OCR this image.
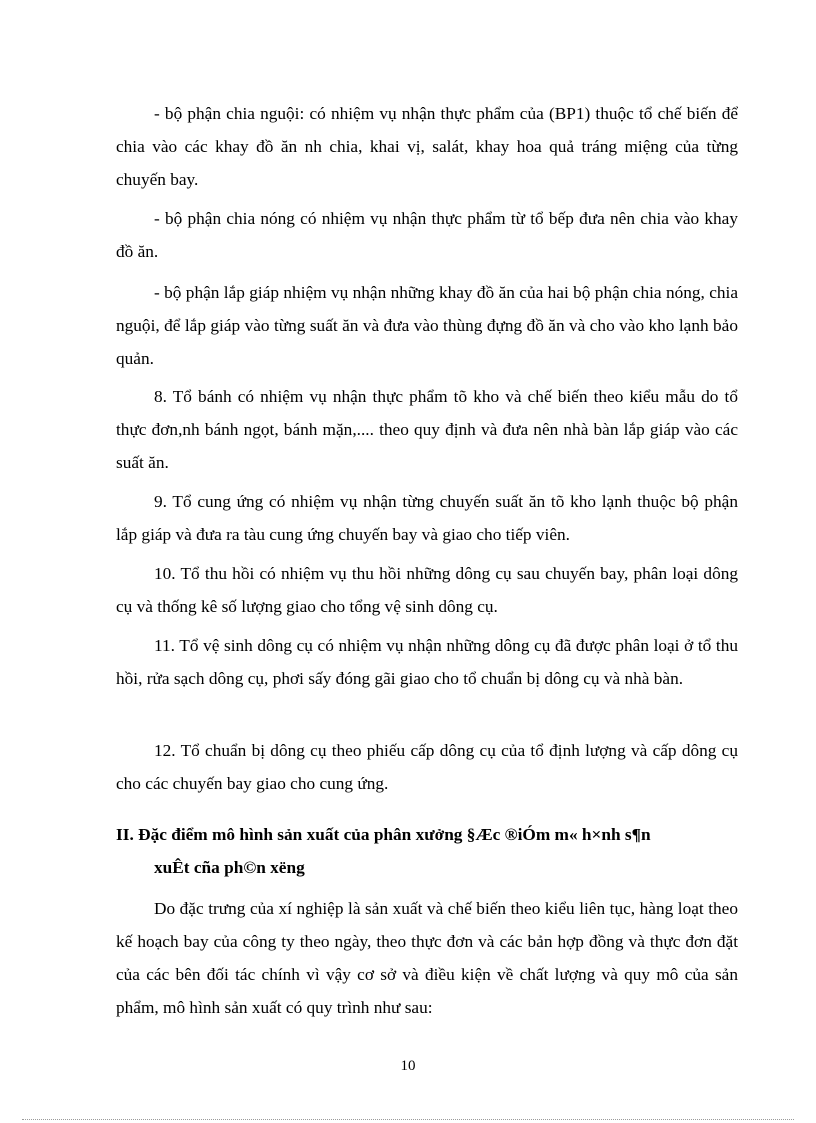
- bộ phận chia nguội: có nhiệm vụ nhận thực phẩm của (BP1) thuộc tổ chế biến để chia vào các khay đồ ăn nh chia, khai vị, salát, khay hoa quả tráng miệng của từng chuyến bay.

- bộ phận chia nóng có nhiệm vụ nhận thực phẩm từ tổ bếp đưa nên chia vào khay đồ ăn.

- bộ phận lắp giáp nhiệm vụ nhận những khay đồ ăn của hai bộ phận chia nóng, chia nguội, để lắp giáp vào từng suất ăn và đưa vào thùng đựng đồ ăn và cho vào kho lạnh bảo quản.

8. Tổ bánh có nhiệm vụ nhận thực phẩm tõ kho và chế biến theo kiểu mẫu do tổ thực đơn,nh bánh ngọt, bánh mặn,.... theo quy định và đưa nên nhà bàn lắp giáp vào các suất ăn.

9. Tổ cung ứng có nhiệm vụ nhận từng chuyến suất ăn tõ kho lạnh thuộc bộ phận lắp giáp và đưa ra tàu cung ứng chuyến bay và giao cho tiếp viên.

10. Tổ thu hồi có nhiệm vụ thu hồi những dông cụ sau chuyến bay, phân loại dông cụ và thống kê số lượng giao cho tổng vệ sinh dông cụ.

11. Tổ vệ sinh dông cụ có nhiệm vụ nhận những dông cụ đã được phân loại ở tổ thu hồi, rửa sạch dông cụ, phơi sấy đóng gãi giao cho tổ chuẩn bị dông cụ và nhà bàn.

12. Tổ chuẩn bị dông cụ theo phiếu cấp dông cụ của tổ định lượng và cấp dông cụ cho các chuyến bay giao cho cung ứng.

II. Đặc điểm mô hình sản xuất của phân xưởng §Æc ®iÓm m« h×nh s¶n
xuÊt cña ph©n xëng

Do đặc trưng của xí nghiệp là sản xuất và chế biến theo kiểu liên tục, hàng loạt theo kế hoạch bay của công ty theo ngày, theo thực đơn và các bản hợp đồng và thực đơn đặt của các bên đối tác chính vì vậy cơ sở và điều kiện về chất lượng và quy mô của sản phẩm, mô hình sản xuất có quy trình như sau:

10
